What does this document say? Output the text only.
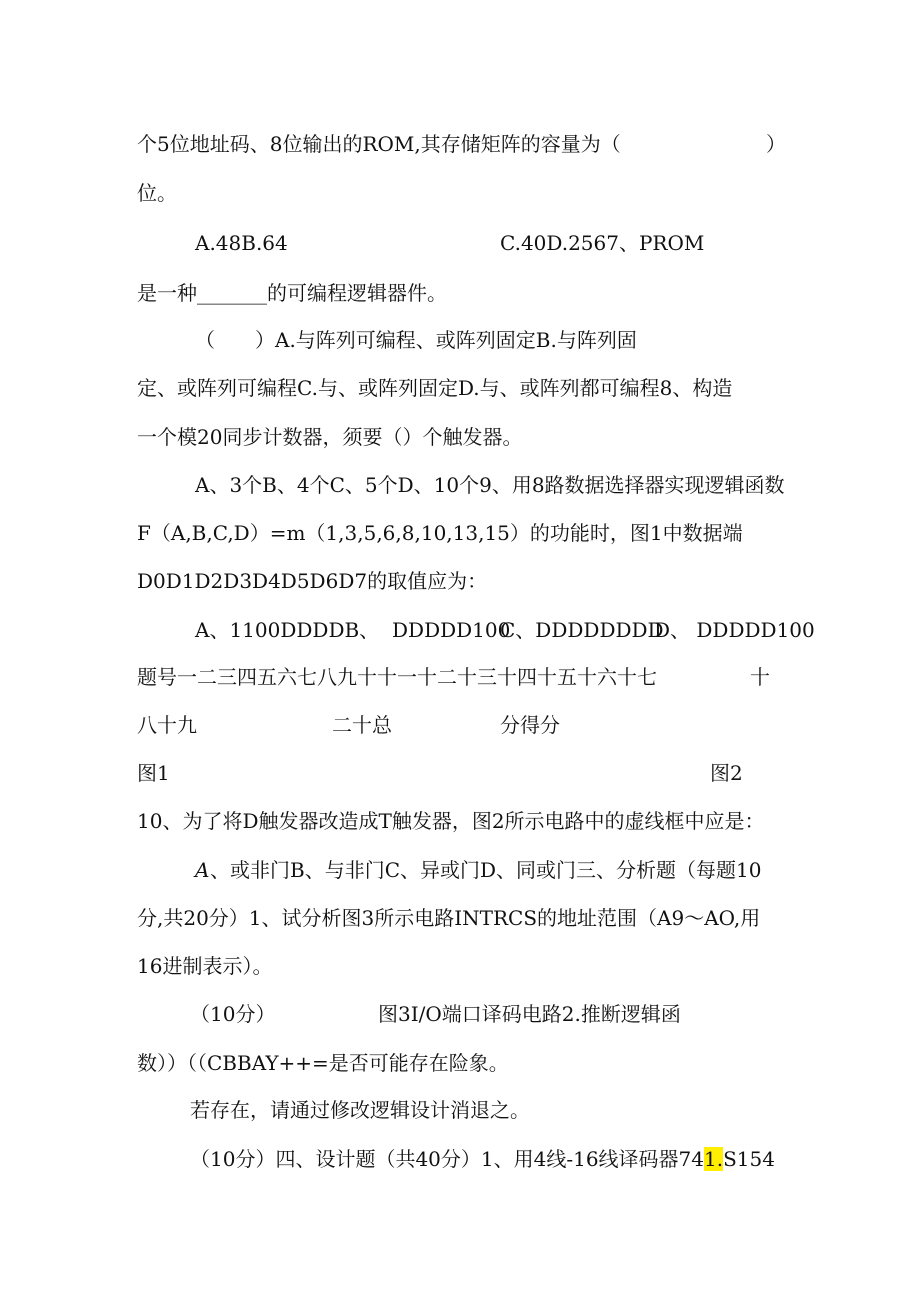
个5位地址码、8位输出的ROM,其存储矩阵的容量为（	）
位。
A.48B.64	C.40D.2567、PROM
是一种_______的可编程逻辑器件。
（　　）A.与阵列可编程、或阵列固定B.与阵列固
定、或阵列可编程C.与、或阵列固定D.与、或阵列都可编程8、构造
一个模20同步计数器，须要（）个触发器。
A、3个B、4个C、5个D、10个9、用8路数据选择器实现逻辑函数
F（A,B,C,D）=m（1,3,5,6,8,10,13,15）的功能时，图1中数据端
D0D1D2D3D4D5D6D7的取值应为：
A、1100DDDDB、 DDDDD100
C、DDDDDDDD
D、 DDDDD100
题号一二三四五六七八九十十一十二十三十四十五十六十七	十
八十九	二十总	分得分
图1	图2
10、为了将D触发器改造成T触发器，图2所示电路中的虚线框中应是：
A 、或非门B、与非门C、异或门D、同或门三、分析题（每题10
分,共20分）1、试分析图3所示电路INTRCS的地址范围（A9～AO,用
16进制表示）。
（10分）	图3I/O端口译码电路2.推断逻辑函
数））（（CBBAY++=是否可能存在险象。
若存在，请通过修改逻辑设计消退之。
（10分）四、设计题（共40分）1、用4线-16线译码器741.S154
